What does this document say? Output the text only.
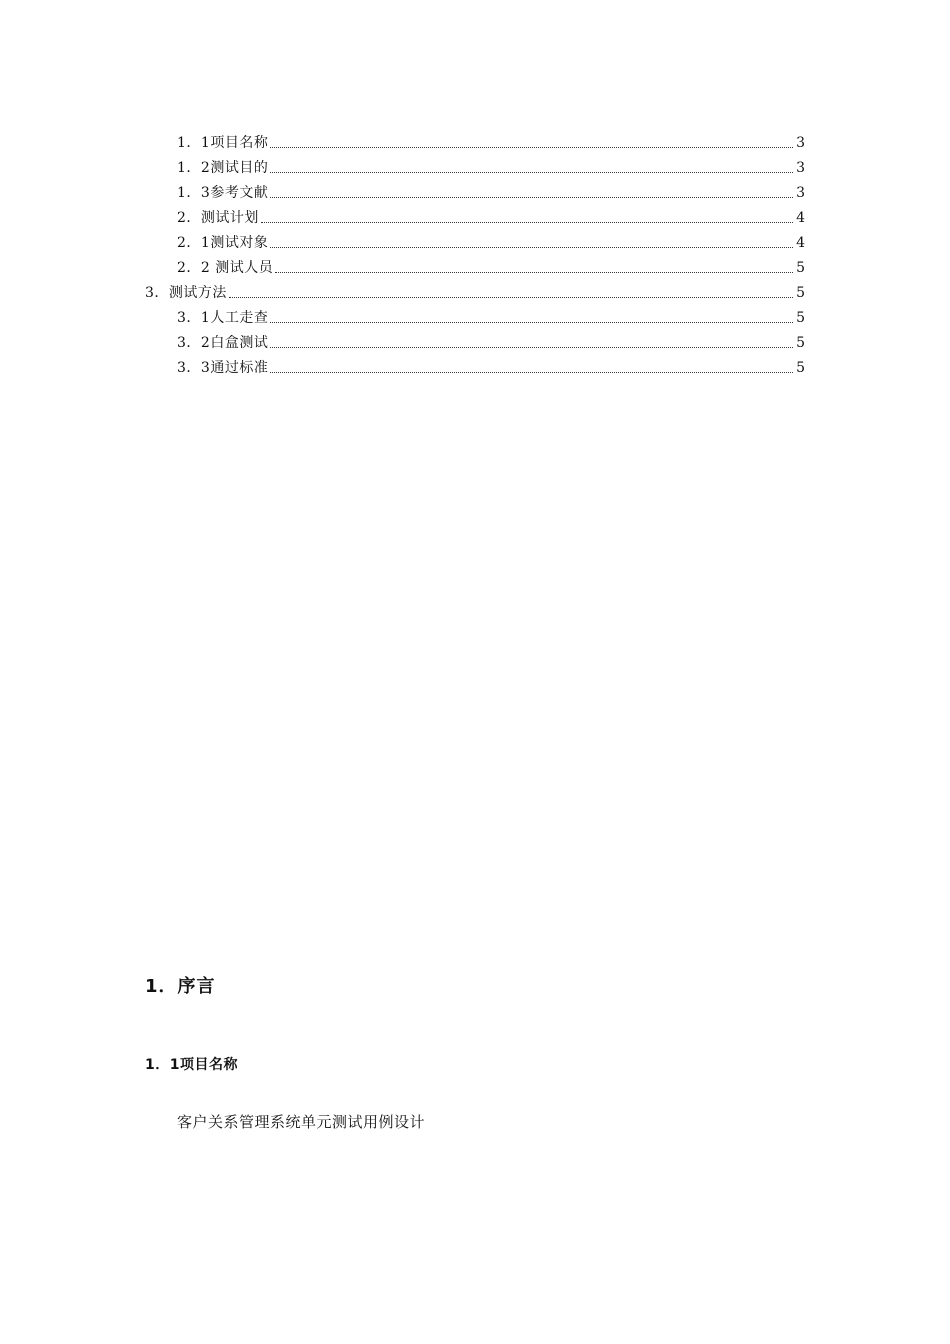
1．1项目名称	3
1．2测试目的	3
1．3参考文献	3
2．测试计划	4
2．1测试对象	4
2．2 测试人员	5
3．测试方法	5
3．1人工走查	5
3．2白盒测试	5
3．3通过标准	5
1．序言
1．1项目名称
客户关系管理系统单元测试用例设计
